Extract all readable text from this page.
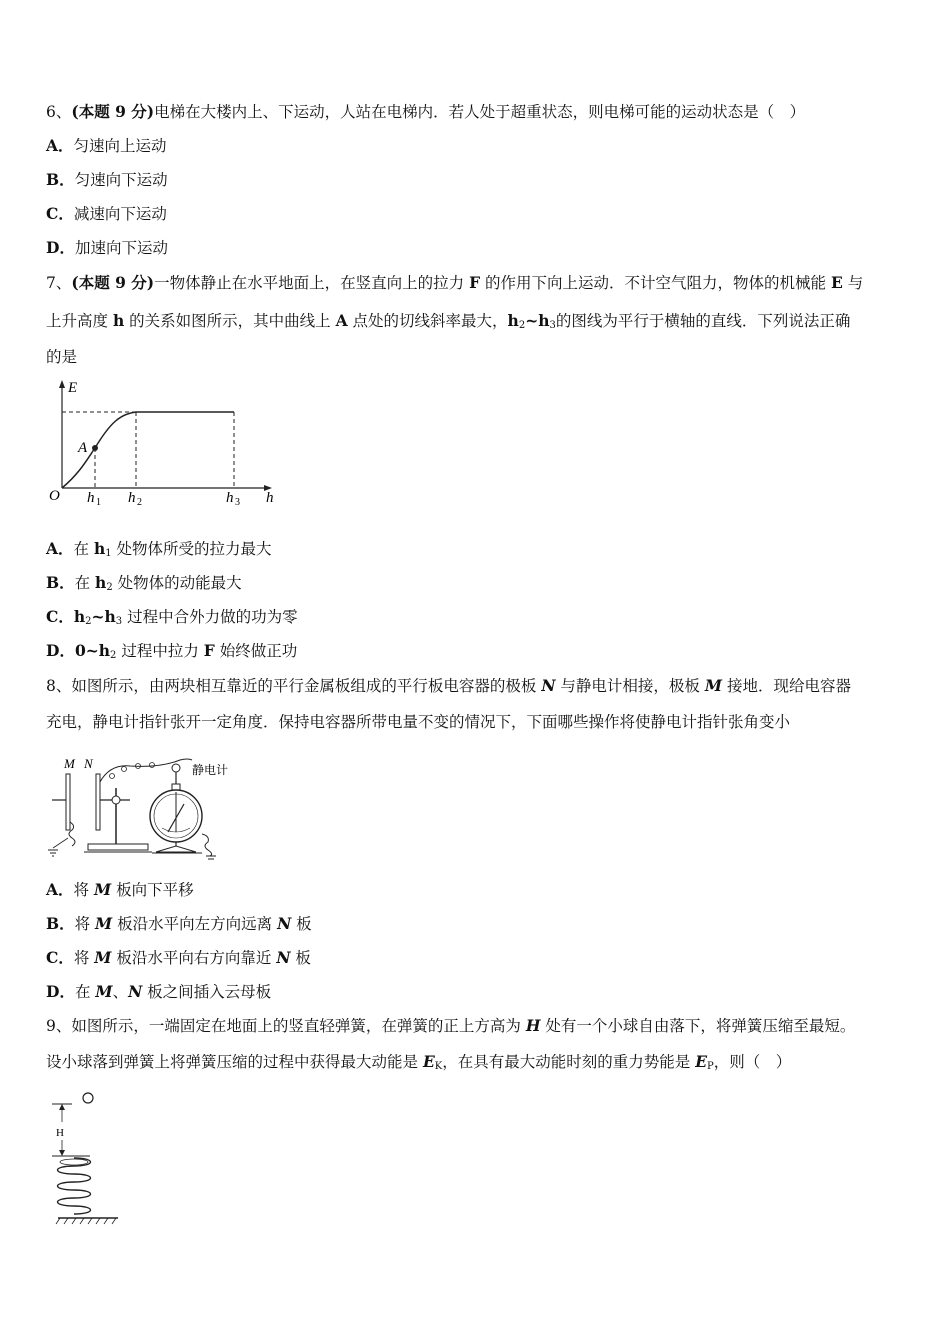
6、(本题 9 分)电梯在大楼内上、下运动，人站在电梯内．若人处于超重状态，则电梯可能的运动状态是（　）
A．匀速向上运动
B．匀速向下运动
C．减速向下运动
D．加速向下运动
7、(本题 9 分)一物体静止在水平地面上，在竖直向上的拉力 F 的作用下向上运动．不计空气阻力，物体的机械能 E 与
上升高度 h 的关系如图所示，其中曲线上 A 点处的切线斜率最大，$h_2\sim h_3$的图线为平行于横轴的直线．下列说法正确
的是
E
A
O h 1 h 2	h 3 h
A．在 $h_1$ 处物体所受的拉力最大
B．在 $h_2$ 处物体的动能最大
C．$h_2\sim h_3$ 过程中合外力做的功为零
D．$0\sim h_2$ 过程中拉力 F 始终做正功
8、如图所示，由两块相互靠近的平行金属板组成的平行板电容器的极板 N 与静电计相接，极板 M 接地．现给电容器
充电，静电计指针张开一定角度．保持电容器所带电量不变的情况下，下面哪些操作将使静电计指针张角变小
M N	静电计
A．将 M 板向下平移
B．将 M 板沿水平向左方向远离 N 板
C．将 M 板沿水平向右方向靠近 N 板
D．在 M、N 板之间插入云母板
9、如图所示，一端固定在地面上的竖直轻弹簧，在弹簧的正上方高为 H 处有一个小球自由落下，将弹簧压缩至最短。
设小球落到弹簧上将弹簧压缩的过程中获得最大动能是 $E_K$，在具有最大动能时刻的重力势能是 $E_P$，则（　）
H
